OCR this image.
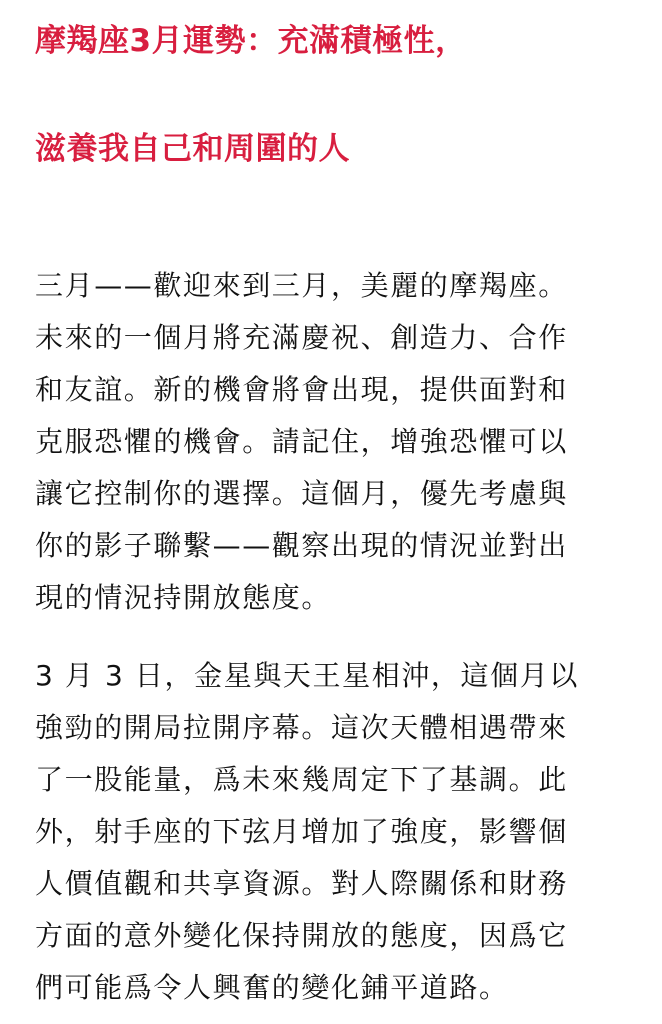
摩羯座3月運勢：充滿積極性，
滋養我自己和周圍的人

三月——歡迎來到三月，美麗的摩羯座。
未來的一個月將充滿慶祝、創造力、合作
和友誼。新的機會將會出現，提供面對和
克服恐懼的機會。請記住，增強恐懼可以
讓它控制你的選擇。這個月，優先考慮與
你的影子聯繫——觀察出現的情況並對出
現的情況持開放態度。

3 月 3 日，金星與天王星相沖，這個月以
強勁的開局拉開序幕。這次天體相遇帶來
了一股能量，爲未來幾周定下了基調。此
外，射手座的下弦月增加了強度，影響個
人價值觀和共享資源。對人際關係和財務
方面的意外變化保持開放的態度，因爲它
們可能爲令人興奮的變化鋪平道路。
